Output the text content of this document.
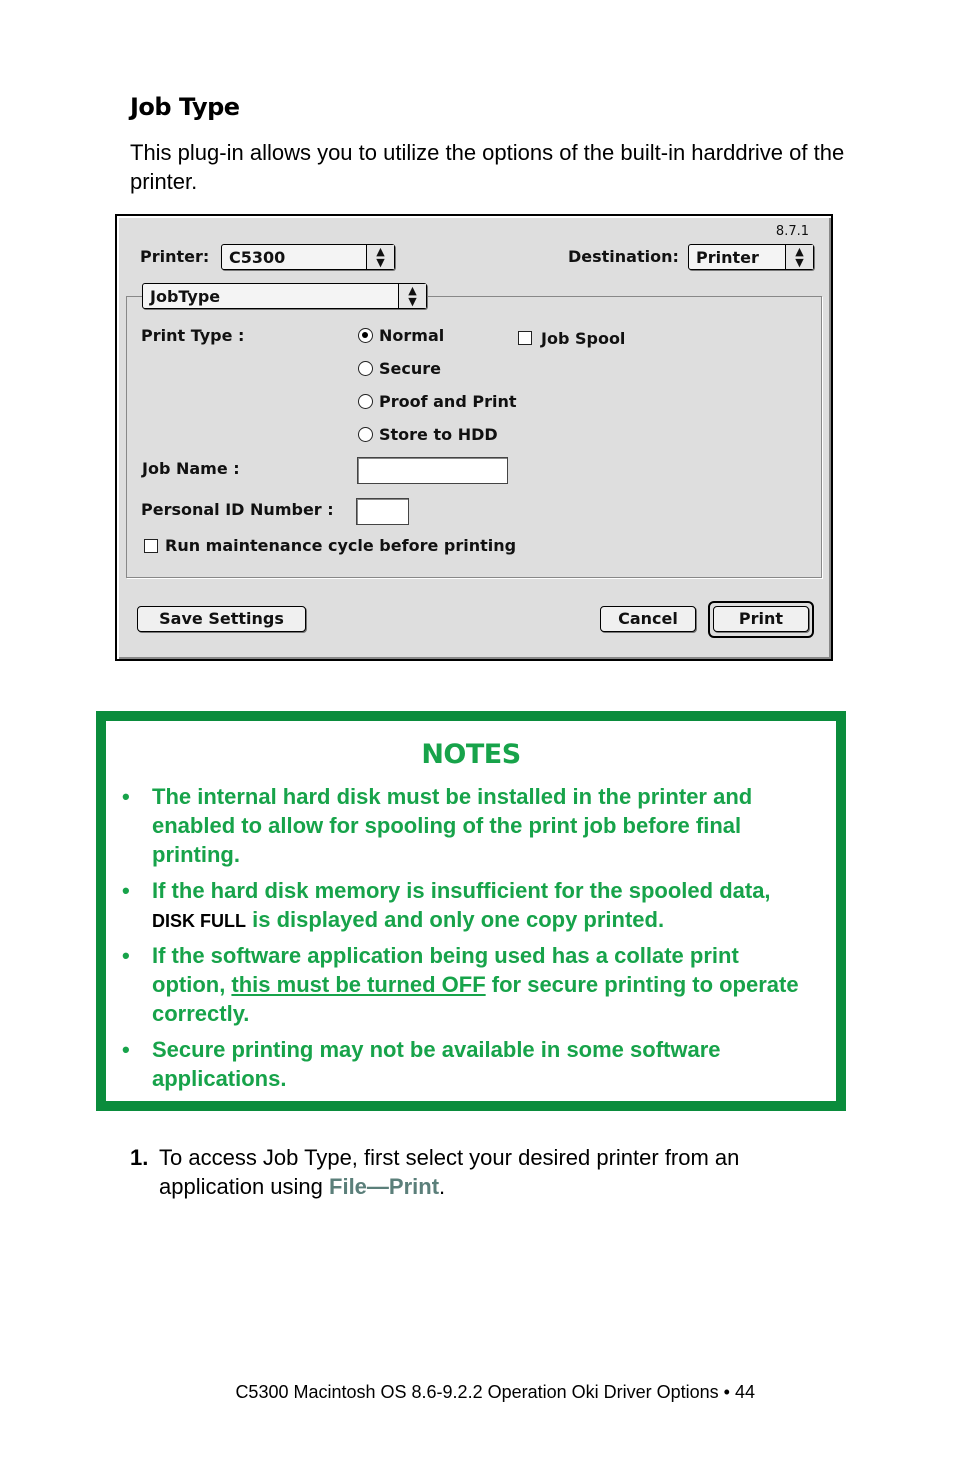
Job Type
This plug-in allows you to utilize the options of the built-in harddrive of the printer.
8.7.1
Printer: C5300	▲
▼	Destination: Printer	▲
▼
JobType	▲
▼
Print Type :	Normal
Secure
Proof and Print
Store to HDD
Job Spool
Job Name :
Personal ID Number :
Run maintenance cycle before printing
Save Settings	Cancel	Print
NOTES
• The internal hard disk must be installed in the printer and enabled to allow for spooling of the print job before final printing.
• If the hard disk memory is insufficient for the spooled data, DISK FULL is displayed and only one copy printed.
• If the software application being used has a collate print option, this must be turned OFF for secure printing to operate correctly.
• Secure printing may not be available in some software applications.
1. To access Job Type, first select your desired printer from an application using File—Print.
C5300 Macintosh OS 8.6-9.2.2 Operation Oki Driver Options • 44
